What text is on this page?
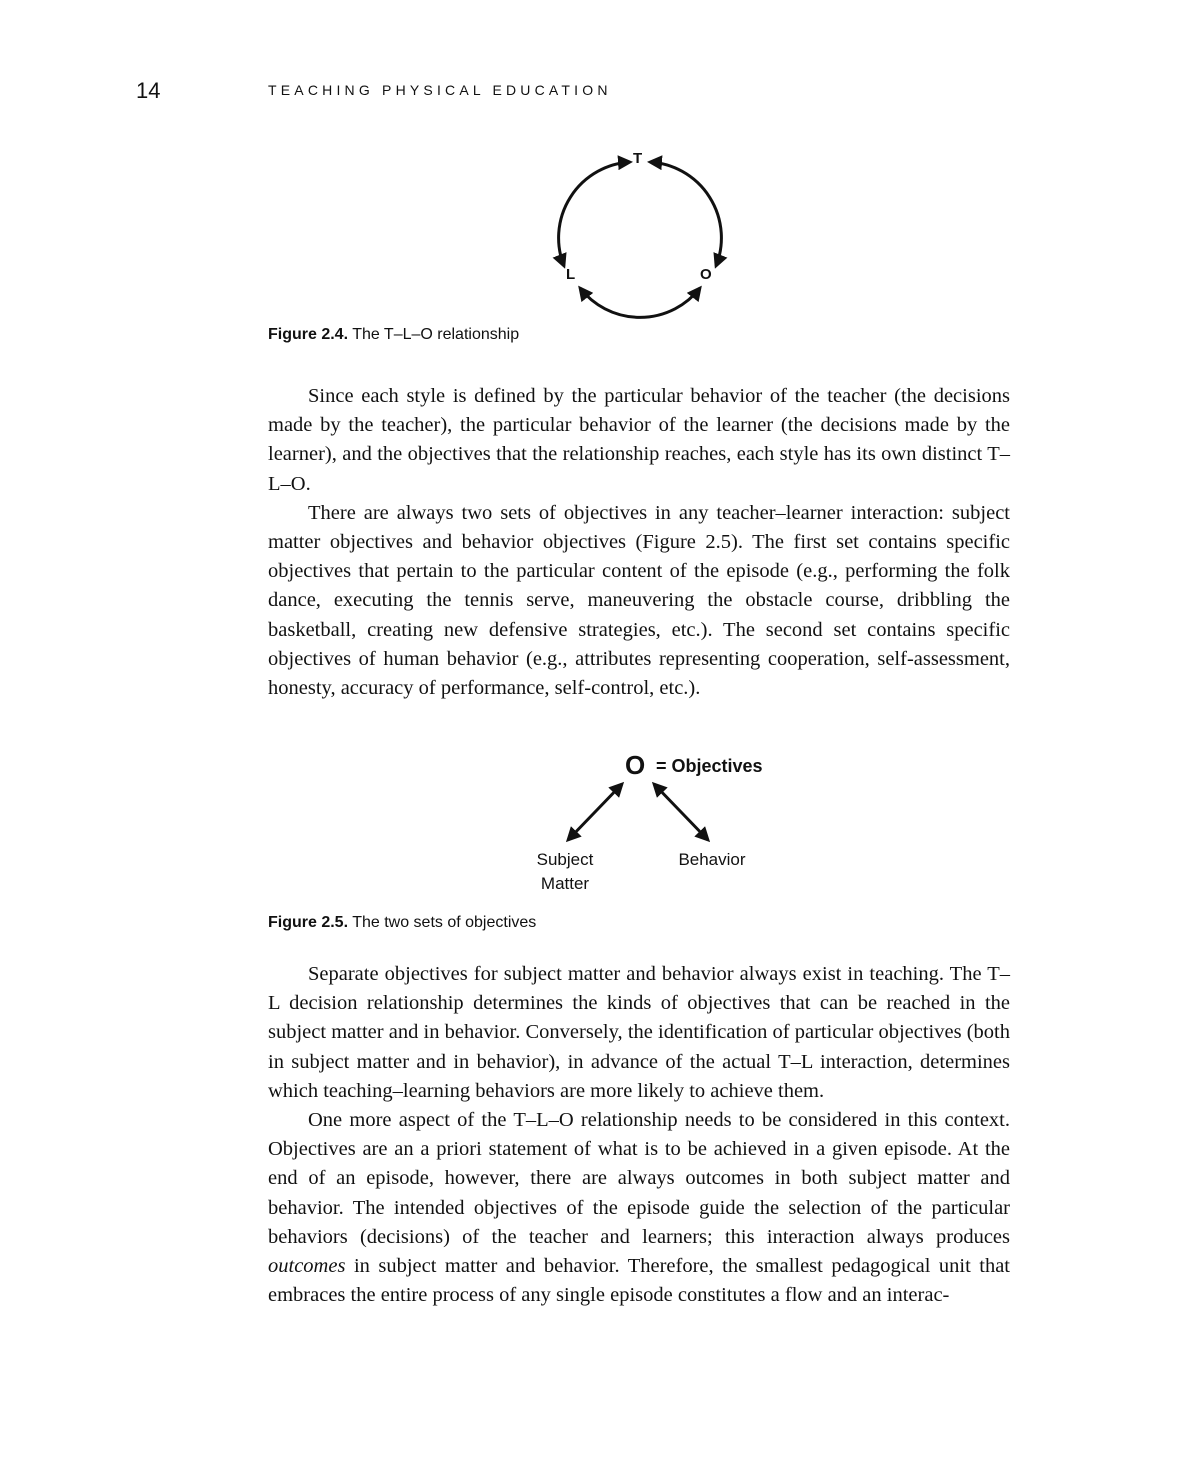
14	TEACHING PHYSICAL EDUCATION
T
L	O
Figure 2.4. The T–L–O relationship

Since each style is defined by the particular behavior of the teacher (the decisions made by the teacher), the particular behavior of the learner (the decisions made by the learner), and the objectives that the relationship reaches, each style has its own distinct T–L–O.

There are always two sets of objectives in any teacher–learner interaction: subject matter objectives and behavior objectives (Figure 2.5). The first set contains specific objectives that pertain to the particular content of the episode (e.g., performing the folk dance, executing the tennis serve, maneuvering the obstacle course, dribbling the basketball, creating new defensive strategies, etc.). The second set contains specific objectives of human behavior (e.g., attributes representing cooperation, self-assessment, honesty, accuracy of performance, self-control, etc.).

O = Objectives
Subject
Matter
Behavior
Figure 2.5. The two sets of objectives

Separate objectives for subject matter and behavior always exist in teaching. The T–L decision relationship determines the kinds of objectives that can be reached in the subject matter and in behavior. Conversely, the identification of particular objectives (both in subject matter and in behavior), in advance of the actual T–L interaction, determines which teaching–learning behaviors are more likely to achieve them.

One more aspect of the T–L–O relationship needs to be considered in this context. Objectives are an a priori statement of what is to be achieved in a given episode. At the end of an episode, however, there are always outcomes in both subject matter and behavior. The intended objectives of the episode guide the selection of the particular behaviors (decisions) of the teacher and learners; this interaction always produces outcomes in subject matter and behavior. Therefore, the smallest pedagogical unit that embraces the entire process of any single episode constitutes a flow and an interac-
